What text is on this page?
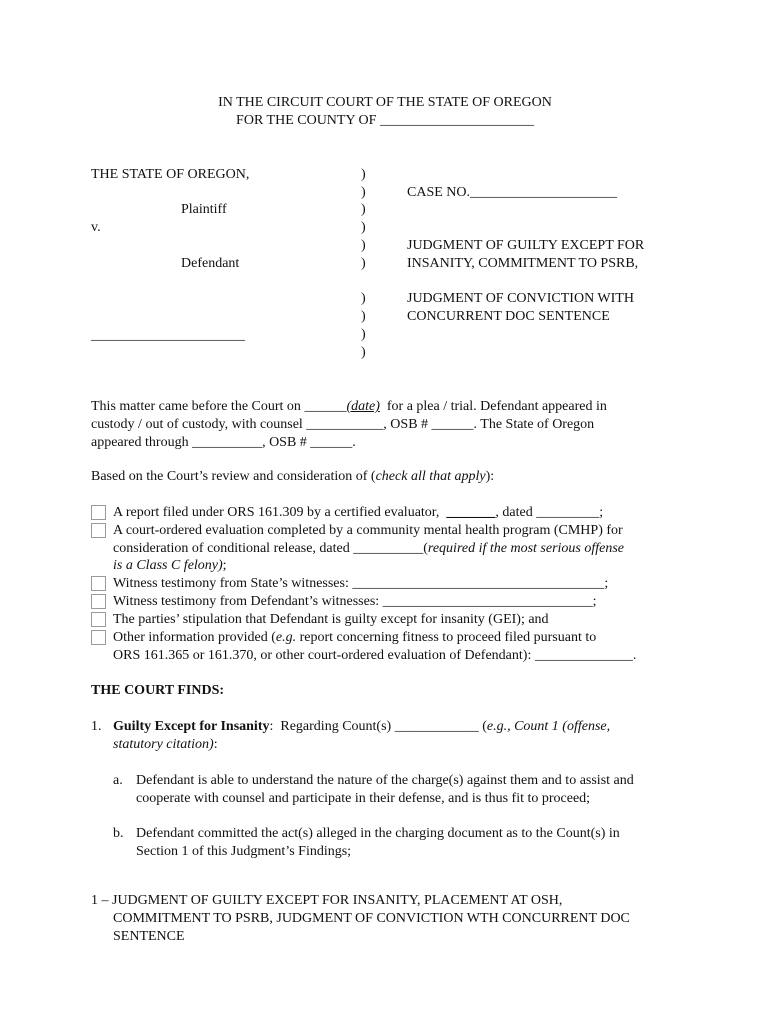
IN THE CIRCUIT COURT OF THE STATE OF OREGON
FOR THE COUNTY OF ______________________
THE STATE OF OREGON,
Plaintiff
v.
Defendant
______________________
)
)
)
)
)
)
)
)
)
)
CASE NO._____________________
JUDGMENT OF GUILTY EXCEPT FOR
INSANITY, COMMITMENT TO PSRB,
JUDGMENT OF CONVICTION WITH
CONCURRENT DOC SENTENCE
This matter came before the Court on ______(date)  for a plea / trial. Defendant appeared in
custody / out of custody, with counsel ___________, OSB # ______. The State of Oregon
appeared through __________, OSB # ______.
Based on the Court’s review and consideration of (check all that apply):
A report filed under ORS 161.309 by a certified evaluator,  _______, dated _________;
A court-ordered evaluation completed by a community mental health program (CMHP) for
consideration of conditional release, dated __________(required if the most serious offense
is a Class C felony);
Witness testimony from State’s witnesses: ____________________________________;
Witness testimony from Defendant’s witnesses: ______________________________;
The parties’ stipulation that Defendant is guilty except for insanity (GEI); and
Other information provided (e.g. report concerning fitness to proceed filed pursuant to
ORS 161.365 or 161.370, or other court-ordered evaluation of Defendant): ______________.
THE COURT FINDS:
1. Guilty Except for Insanity:  Regarding Count(s) ____________ (e.g., Count 1 (offense,
statutory citation):
a. Defendant is able to understand the nature of the charge(s) against them and to assist and
cooperate with counsel and participate in their defense, and is thus fit to proceed;
b. Defendant committed the act(s) alleged in the charging document as to the Count(s) in
Section 1 of this Judgment’s Findings;
1 – JUDGMENT OF GUILTY EXCEPT FOR INSANITY, PLACEMENT AT OSH,
COMMITMENT TO PSRB, JUDGMENT OF CONVICTION WTH CONCURRENT DOC
SENTENCE
